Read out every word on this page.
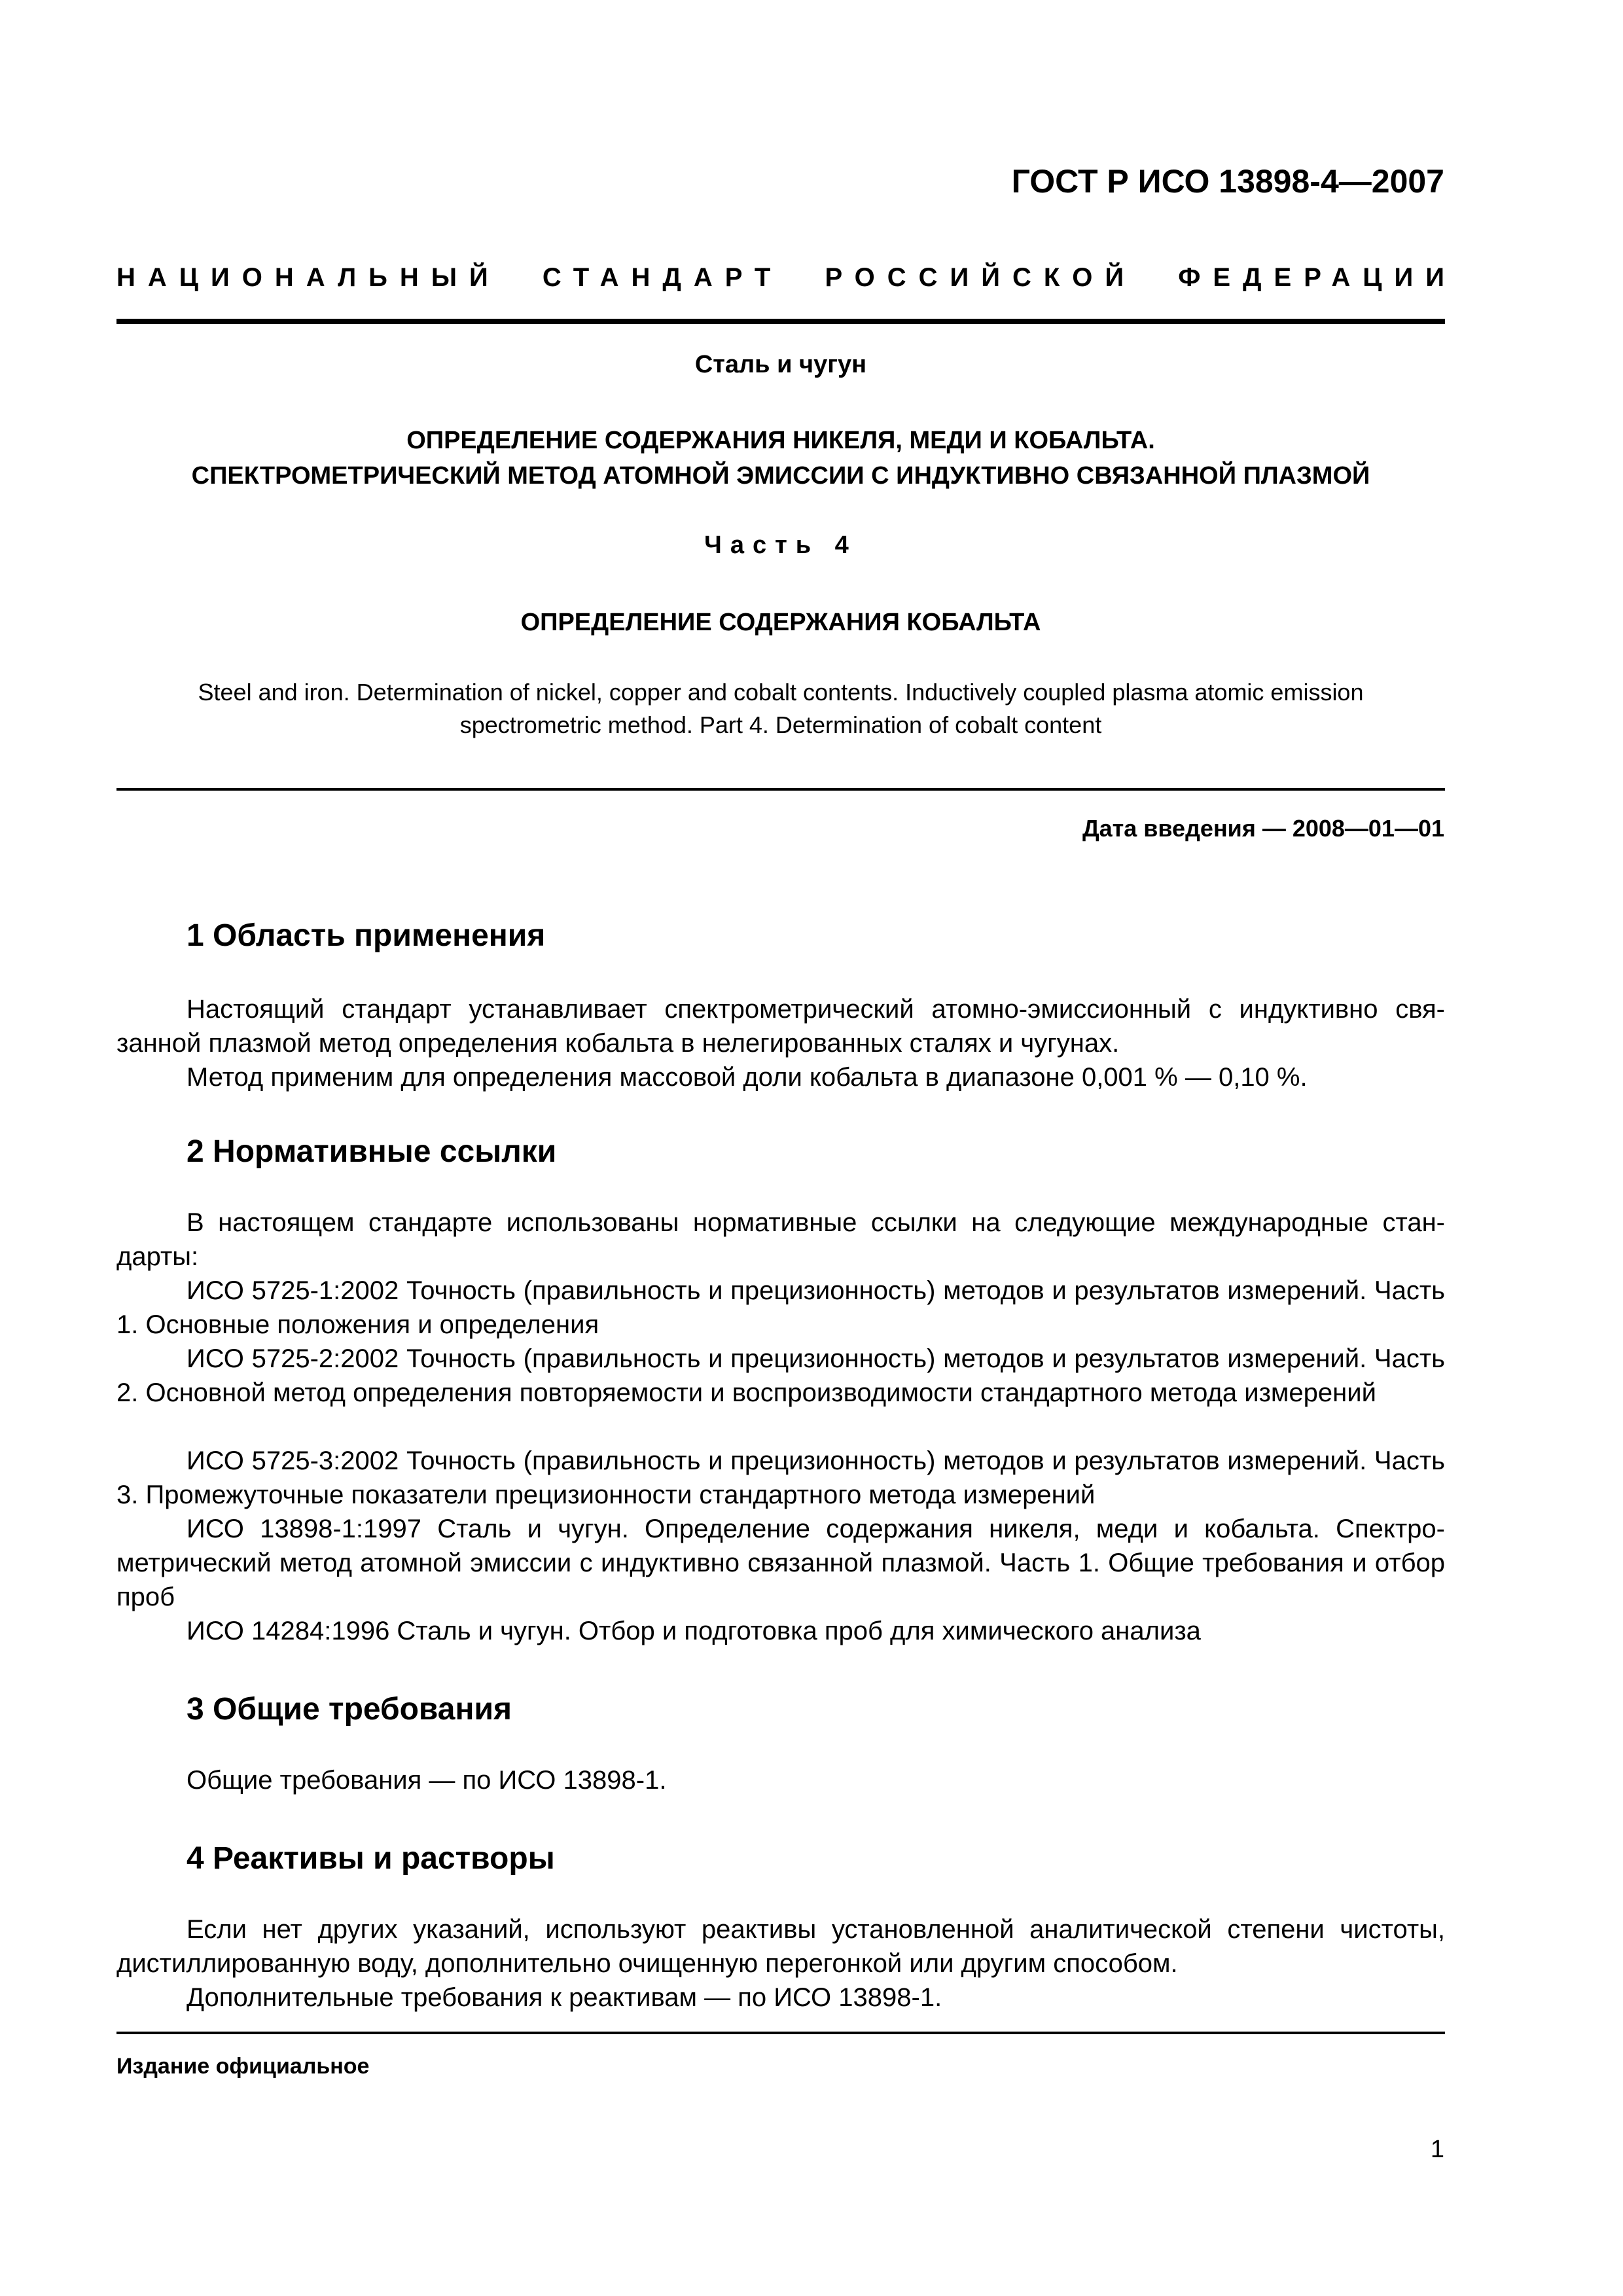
ГОСТ Р ИСО 13898-4—2007
НАЦИОНАЛЬНЫЙ СТАНДАРТ РОССИЙСКОЙ ФЕДЕРАЦИИ
Сталь и чугун
ОПРЕДЕЛЕНИЕ СОДЕРЖАНИЯ НИКЕЛЯ, МЕДИ И КОБАЛЬТА.
СПЕКТРОМЕТРИЧЕСКИЙ МЕТОД АТОМНОЙ ЭМИССИИ С ИНДУКТИВНО СВЯЗАННОЙ ПЛАЗМОЙ
Часть 4
ОПРЕДЕЛЕНИЕ СОДЕРЖАНИЯ КОБАЛЬТА
Steel and iron. Determination of nickel, copper and cobalt contents. Inductively coupled plasma atomic emission
spectrometric method. Part 4. Determination of cobalt content
Дата введения — 2008—01—01
1 Область применения

Настоящий стандарт устанавливает спектрометрический атомно-эмиссионный с индуктивно связанной плазмой метод определения кобальта в нелегированных сталях и чугунах.

Метод применим для определения массовой доли кобальта в диапазоне 0,001 % — 0,10 %.

2 Нормативные ссылки

В настоящем стандарте использованы нормативные ссылки на следующие международные стандарты:

ИСО 5725-1:2002 Точность (правильность и прецизионность) методов и результатов измерений. Часть 1. Основные положения и определения

ИСО 5725-2:2002 Точность (правильность и прецизионность) методов и результатов измерений. Часть 2. Основной метод определения повторяемости и воспроизводимости стандартного метода измерений

ИСО 5725-3:2002 Точность (правильность и прецизионность) методов и результатов измерений. Часть 3. Промежуточные показатели прецизионности стандартного метода измерений

ИСО 13898-1:1997 Сталь и чугун. Определение содержания никеля, меди и кобальта. Спектрометрический метод атомной эмиссии с индуктивно связанной плазмой. Часть 1. Общие требования и отбор проб

ИСО 14284:1996 Сталь и чугун. Отбор и подготовка проб для химического анализа

3 Общие требования

Общие требования — по ИСО 13898-1.

4 Реактивы и растворы

Если нет других указаний, используют реактивы установленной аналитической степени чистоты, дистиллированную воду, дополнительно очищенную перегонкой или другим способом.

Дополнительные требования к реактивам — по ИСО 13898-1.

Издание официальное
1
